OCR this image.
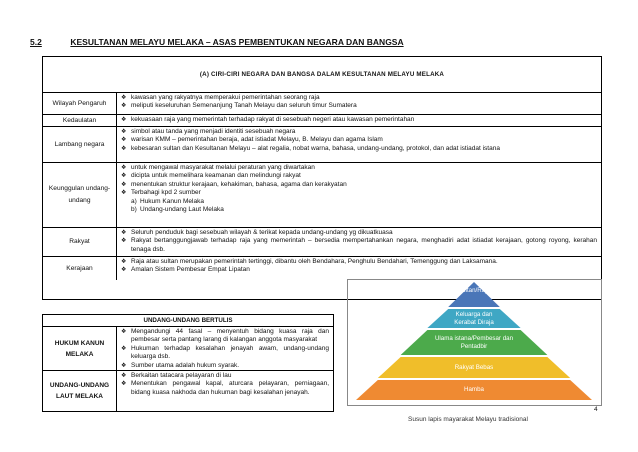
5.2	KESULTANAN MELAYU MELAKA – ASAS PEMBENTUKAN NEGARA DAN BANGSA
(A) CIRI-CIRI NEGARA DAN BANGSA DALAM KESULTANAN MELAYU MELAKA
Wilayah Pengaruh
❖ kawasan yang rakyatnya memperakui pemerintahan seorang raja
❖ meliputi keseluruhan Semenanjung Tanah Melayu dan seluruh timur Sumatera
Kedaulatan	❖ kekuasaan raja yang memerintah terhadap rakyat di sesebuah negeri atau kawasan pemerintahan
Lambang negara
❖ simbol atau tanda yang menjadi identiti sesebuah negara
❖ warisan KMM – pemerintahan beraja, adat istiadat Melayu, B. Melayu dan agama Islam
❖ kebesaran sultan dan Kesultanan Melayu – alat regalia, nobat warna, bahasa, undang-undang, protokol, dan adat istiadat istana
Keunggulan undang-undang
❖ untuk mengawal masyarakat melalui peraturan yang diwartakan
❖ dicipta untuk memelihara keamanan dan melindungi rakyat
❖ menentukan struktur kerajaan, kehakiman, bahasa, agama dan kerakyatan
❖ Terbahagi kpd 2 sumber
a) Hukum Kanun Melaka
b) Undang-undang Laut Melaka
Rakyat
❖ Seluruh penduduk bagi sesebuah wilayah & terikat kepada undang-undang yg dikuatkuasa
❖ Rakyat bertanggungjawab terhadap raja yang memerintah – bersedia mempertahankan negara, menghadiri adat istiadat kerajaan, gotong royong, kerahan tenaga dsb.
Kerajaan
❖ Raja atau sultan merupakan pemerintah tertinggi, dibantu oleh Bendahara, Penghulu Bendahari, Temenggung dan Laksamana.
❖ Amalan Sistem Pembesar Empat Lipatan
UNDANG-UNDANG BERTULIS
HUKUM KANUN MELAKA
❖ Mengandungi 44 fasal – menyentuh bidang kuasa raja dan pembesar serta pantang larang di kalangan anggota masyarakat
❖ Hukuman terhadap kesalahan jenayah awam, undang-undang keluarga dsb.
❖ Sumber utama adalah hukum syarak.
UNDANG-UNDANG LAUT MELAKA
❖ Berkaitan tatacara pelayaran di lau
❖ Menentukan pengawal kapal, aturcara pelayaran, perniagaan, bidang kuasa nakhoda dan hukuman bagi kesalahan jenayah.
Sultan/Raja
Keluarga dan Kerabat Diraja
Ulama istana/Pembesar dan Pentadbir
Rakyat Bebas
Hamba
4
Susun lapis mayarakat Melayu tradisional
